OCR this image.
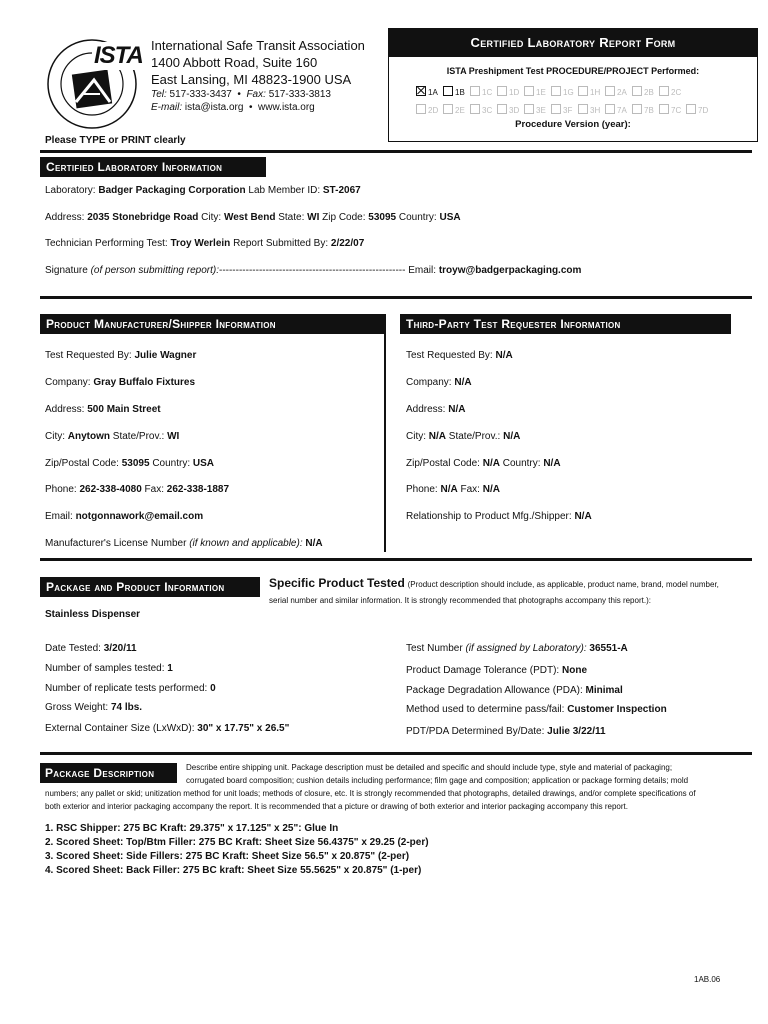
ISTA International Safe Transit Association
1400 Abbott Road, Suite 160
East Lansing, MI 48823-1900 USA
Tel: 517-333-3437  •  Fax: 517-333-3813
E-mail: ista@ista.org  •  www.ista.org
Please TYPE or PRINT clearly
Certified Laboratory Report Form
ISTA Preshipment Test PROCEDURE/PROJECT Performed:
Procedure Version (year):
1A 1B 1C 1D 1E 1G 1H 2A 2B 2C
2D 2E 3C 3D 3E 3F 3H 7A 7B 7C 7D
Certified Laboratory Information
Laboratory: Badger Packaging Corporation Lab Member ID: ST-2067
Address: 2035 Stonebridge Road City: West Bend State: WI Zip Code: 53095 Country: USA
Technician Performing Test: Troy Werlein Report Submitted By: 2/22/07
Signature (of person submitting report):-------------------------------------------------------- Email: troyw@badgerpackaging.com
Product Manufacturer/Shipper Information	Third-Party Test Requester Information
Test Requested By: Julie Wagner
Company: Gray Buffalo Fixtures
Address: 500 Main Street
City: Anytown State/Prov.: WI
Zip/Postal Code: 53095 Country: USA
Phone: 262-338-4080 Fax: 262-338-1887
Email: notgonnawork@email.com
Manufacturer's License Number (if known and applicable): N/A
Test Requested By: N/A
Company: N/A
Address: N/A
City: N/A State/Prov.: N/A
Zip/Postal Code: N/A Country: N/A
Phone: N/A Fax: N/A
Relationship to Product Mfg./Shipper: N/A
Package and Product Information	Specific Product Tested (Product description should include, as applicable, product name, brand, model number,
serial number and similar information. It is strongly recommended that photographs accompany this report.):
Stainless Dispenser
Date Tested: 3/20/11
Number of samples tested: 1
Number of replicate tests performed: 0
Gross Weight: 74 lbs.
External Container Size (LxWxD): 30" x 17.75" x 26.5"
Test Number (if assigned by Laboratory): 36551-A
Product Damage Tolerance (PDT): None
Package Degradation Allowance (PDA): Minimal
Method used to determine pass/fail: Customer Inspection
PDT/PDA Determined By/Date: Julie 3/22/11
Package Description	Describe entire shipping unit. Package description must be detailed and specific and should include type, style and material of packaging;
corrugated board composition; cushion details including performance; film gage and composition; application or package forming details; mold
numbers; any pallet or skid; unitization method for unit loads; methods of closure, etc. It is strongly recommended that photographs, detailed drawings, and/or complete specifications of
both exterior and interior packaging accompany the report. It is recommended that a picture or drawing of both exterior and interior packaging accompany this report.
1. RSC Shipper: 275 BC Kraft: 29.375" x 17.125" x 25": Glue In
2. Scored Sheet: Top/Btm Filler: 275 BC Kraft: Sheet Size 56.4375" x 29.25 (2-per)
3. Scored Sheet: Side Fillers: 275 BC Kraft: Sheet Size 56.5" x 20.875" (2-per)
4. Scored Sheet: Back Filler: 275 BC kraft: Sheet Size 55.5625" x 20.875" (1-per)
1AB.06
